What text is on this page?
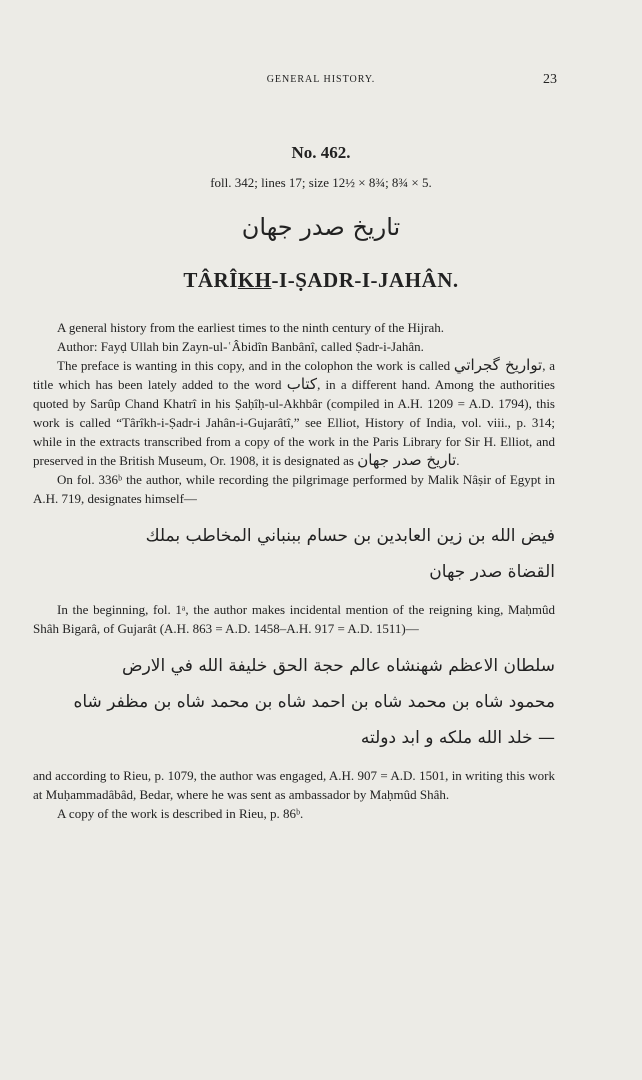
GENERAL HISTORY.	23
No. 462.
foll. 342; lines 17; size 12½ × 8¾; 8¾ × 5.
تاریخ صدر جهان
TÂRÎKH-I-ṢADR-I-JAHÂN.

A general history from the earliest times to the ninth century of the Hijrah.

Author: Fayḍ Ullah bin Zayn-ul-ʿÂbidîn Banbânî, called Ṣadr-i-Jahân.

The preface is wanting in this copy, and in the colophon the work is called تواریخ گجراتي, a title which has been lately added to the word کتاب, in a different hand. Among the authorities quoted by Sarûp Chand Khatrî in his Ṣaḥîḥ-ul-Akhbâr (compiled in A.H. 1209 = A.D. 1794), this work is called “Târîkh-i-Ṣadr-i Jahân-i-Gujarâtî,” see Elliot, History of India, vol. viii., p. 314; while in the extracts transcribed from a copy of the work in the Paris Library for Sir H. Elliot, and preserved in the British Museum, Or. 1908, it is designated as تاریخ صدر جهان.

On fol. 336ᵇ the author, while recording the pilgrimage performed by Malik Nâṣir of Egypt in A.H. 719, designates himself—

فیض الله بن زین العابدین بن حسام ببنباني المخاطب بملك
القضاة صدر جهان

In the beginning, fol. 1ᵃ, the author makes incidental mention of the reigning king, Maḥmûd Shâh Bigarâ, of Gujarât (A.H. 863 = A.D. 1458–A.H. 917 = A.D. 1511)—

سلطان الاعظم شهنشاه عالم حجة الحق خلیفة الله في الارض
محمود شاه بن محمد شاه بن احمد شاه بن محمد شاه بن مظفر شاه
— خلد الله ملكه و ابد دولته

and according to Rieu, p. 1079, the author was engaged, A.H. 907 = A.D. 1501, in writing this work at Muḥammadâbâd, Bedar, where he was sent as ambassador by Maḥmûd Shâh.

A copy of the work is described in Rieu, p. 86ᵇ.
